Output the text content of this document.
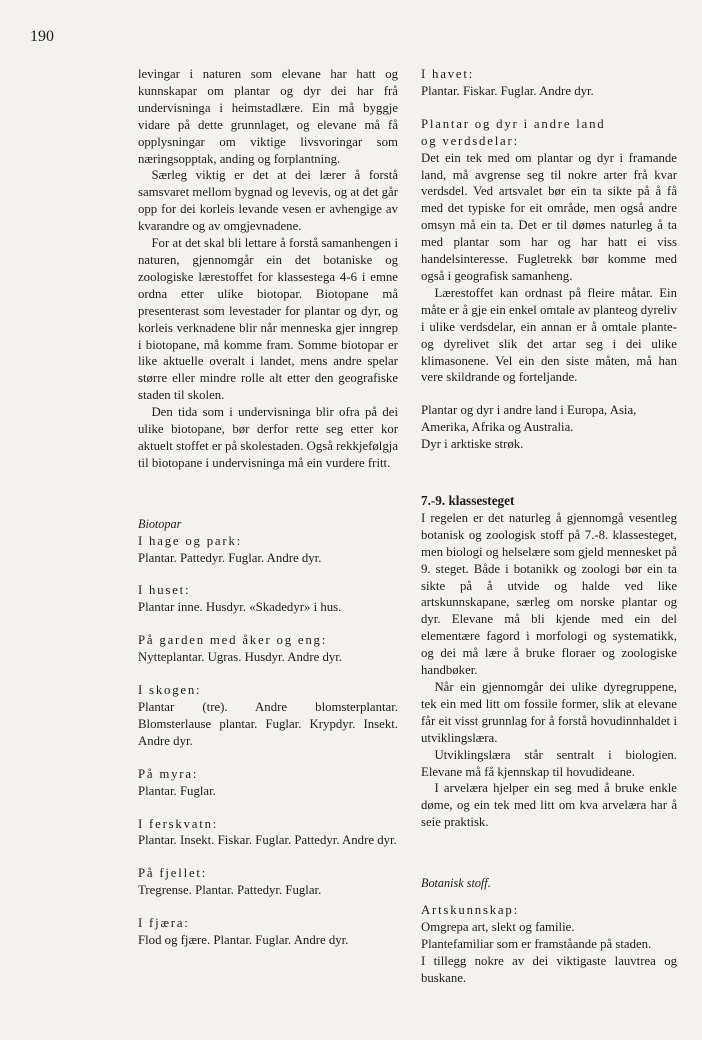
190

levingar i naturen som elevane har hatt og kunnskapar om plantar og dyr dei har frå undervisninga i heimstadlære. Ein må byggje vidare på dette grunnlaget, og elevane må få opplysningar om viktige livsvoringar som næringsopptak, anding og forplantning.

Særleg viktig er det at dei lærer å forstå samsvaret mellom bygnad og levevis, og at det går opp for dei korleis levande vesen er avhengige av kvarandre og av omgjevnadene.

For at det skal bli lettare å forstå samanhengen i naturen, gjennomgår ein det botaniske og zoologiske lærestoffet for klassestega 4-6 i emne ordna etter ulike biotopar. Biotopane må presenterast som levestader for plantar og dyr, og korleis verknadene blir når menneska gjer inngrep i biotopane, må komme fram. Somme biotopar er like aktuelle overalt i landet, mens andre spelar større eller mindre rolle alt etter den geografiske staden til skolen.

Den tida som i undervisninga blir ofra på dei ulike biotopane, bør derfor rette seg etter kor aktuelt stoffet er på skolestaden. Også rekkjefølgja til biotopane i undervisninga må ein vurdere fritt.

Biotopar
I hage og park:

Plantar. Pattedyr. Fuglar. Andre dyr.

I huset:

Plantar inne. Husdyr. «Skadedyr» i hus.

På garden med åker og eng:

Nytteplantar. Ugras. Husdyr. Andre dyr.

I skogen:

Plantar (tre). Andre blomsterplantar. Blomsterlause plantar. Fuglar. Krypdyr. Insekt. Andre dyr.

På myra:

Plantar. Fuglar.

I ferskvatn:

Plantar. Insekt. Fiskar. Fuglar. Pattedyr. Andre dyr.

På fjellet:

Tregrense. Plantar. Pattedyr. Fuglar.

I fjæra:

Flod og fjære. Plantar. Fuglar. Andre dyr.

I havet:

Plantar. Fiskar. Fuglar. Andre dyr.

Plantar og dyr i andre land
og verdsdelar:

Det ein tek med om plantar og dyr i framande land, må avgrense seg til nokre arter frå kvar verdsdel. Ved artsvalet bør ein ta sikte på å få med det typiske for eit område, men også andre omsyn må ein ta. Det er til dømes naturleg å ta med plantar som har og har hatt ei viss handelsinteresse. Fugletrekk bør komme med også i geografisk samanheng.

Lærestoffet kan ordnast på fleire måtar. Ein måte er å gje ein enkel omtale av planteog dyreliv i ulike verdsdelar, ein annan er å omtale plante- og dyrelivet slik det artar seg i dei ulike klimasonene. Vel ein den siste måten, må han vere skildrande og forteljande.

Plantar og dyr i andre land i Europa, Asia, Amerika, Afrika og Australia.

Dyr i arktiske strøk.

7.-9. klassesteget

I regelen er det naturleg å gjennomgå vesentleg botanisk og zoologisk stoff på 7.-8. klassesteget, men biologi og helselære som gjeld mennesket på 9. steget. Både i botanikk og zoologi bør ein ta sikte på å utvide og halde ved like artskunnskapane, særleg om norske plantar og dyr. Elevane må bli kjende med ein del elementære fagord i morfologi og systematikk, og dei må lære å bruke floraer og zoologiske handbøker.

Når ein gjennomgår dei ulike dyregruppene, tek ein med litt om fossile former, slik at elevane får eit visst grunnlag for å forstå hovudinnhaldet i utviklingslæra.

Utviklingslæra står sentralt i biologien. Elevane må få kjennskap til hovudideane.

I arvelæra hjelper ein seg med å bruke enkle døme, og ein tek med litt om kva arvelæra har å seie praktisk.

Botanisk stoff.
Artskunnskap:

Omgrepa art, slekt og familie.

Plantefamiliar som er framståande på staden.

I tillegg nokre av dei viktigaste lauvtrea og buskane.
